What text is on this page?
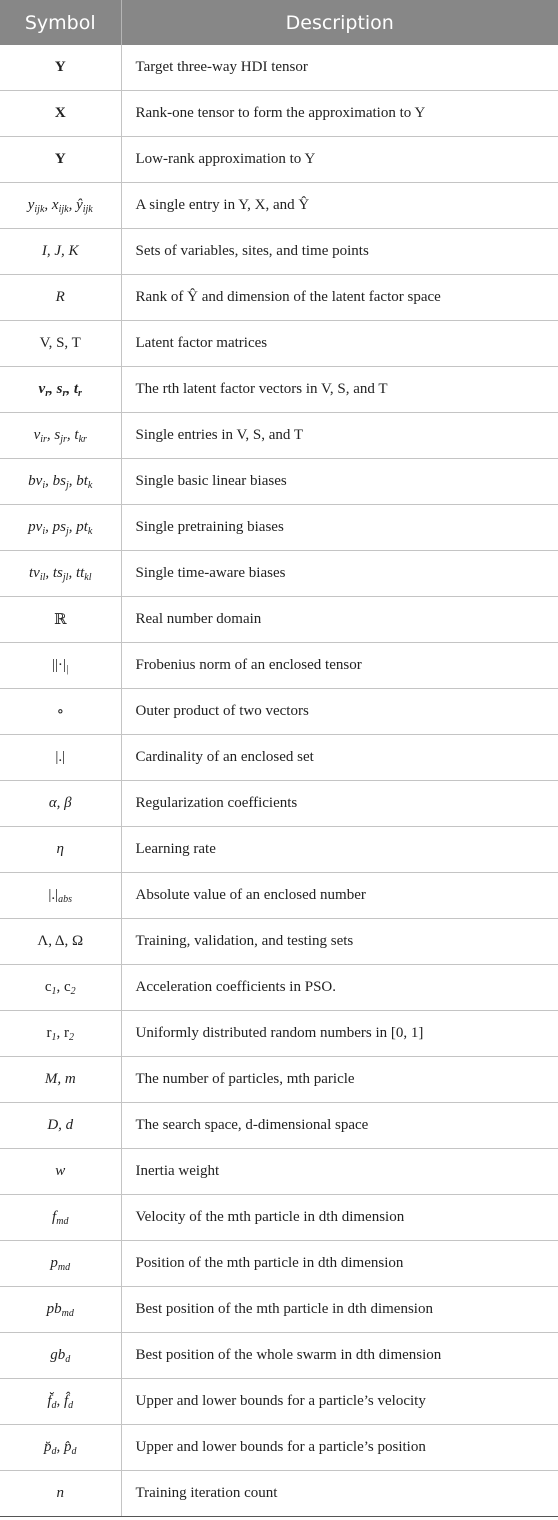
Symbol	Description
Y	Target three-way HDI tensor
X	Rank-one tensor to form the approximation to Y
Y	Low-rank approximation to Y
$y_{ijk}$, $x_{ijk}$, $ŷ_{ijk}$	A single entry in Y, X, and Ŷ
I, J, K	Sets of variables, sites, and time points
R	Rank of Ŷ and dimension of the latent factor space
V, S, T	Latent factor matrices
$v_r$, $s_r$, $t_r$	The rth latent factor vectors in V, S, and T
$v_{ir}$, $s_{jr}$, $t_{kr}$	Single entries in V, S, and T
$bv_i$, $bs_j$, $bt_k$	Single basic linear biases
$pv_i$, $ps_j$, $pt_k$	Single pretraining biases
$tv_{il}$, $ts_{jl}$, $tt_{kl}$	Single time-aware biases
ℝ	Real number domain
$||\cdot|_|$	Frobenius norm of an enclosed tensor
∘	Outer product of two vectors
|.|	Cardinality of an enclosed set
α, β	Regularization coefficients
η	Learning rate
$|.|_{abs}$	Absolute value of an enclosed number
Λ, Δ, Ω	Training, validation, and testing sets
$c_1$, $c_2$	Acceleration coefficients in PSO.
$r_1$, $r_2$	Uniformly distributed random numbers in [0, 1]
M, m	The number of particles, mth paricle
D, d	The search space, d-dimensional space
w	Inertia weight
$f_{md}$	Velocity of the mth particle in dth dimension
$p_{md}$	Position of the mth particle in dth dimension
$pb_{md}$	Best position of the mth particle in dth dimension
$gb_d$	Best position of the whole swarm in dth dimension
$f̆_d$, $f̂_d$	Upper and lower bounds for a particle’s velocity
$p̆_d$, $p̂_d$	Upper and lower bounds for a particle’s position
n	Training iteration count
